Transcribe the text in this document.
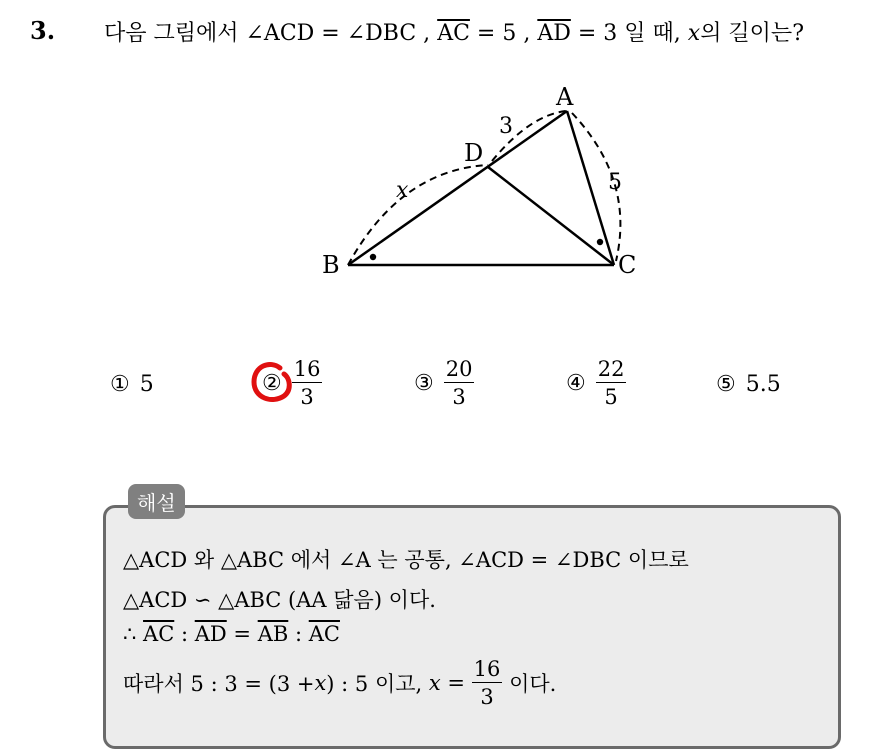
3. 다음 그림에서 ∠ACD = ∠DBC , $\overline{AC} = 5$ , $\overline{AD} = 3$ 일 때, x의 길이는?
A
B	C
D
3
5
x
① 5	② $\frac{16}{3}$	③ $\frac{20}{3}$	④ $\frac{22}{5}$	⑤ 5.5
해설
△ACD 와 △ABC 에서 ∠A 는 공통, ∠ACD = ∠DBC 이므로
△ACD ∽ △ABC (AA 닮음) 이다.
∴ $\overline{AC}$ : $\overline{AD} = \overline{AB}$ : $\overline{AC}$
따라서 5 : 3 = (3 + x ) : 5 이고, $x = \frac{16}{3}$ 이다.
